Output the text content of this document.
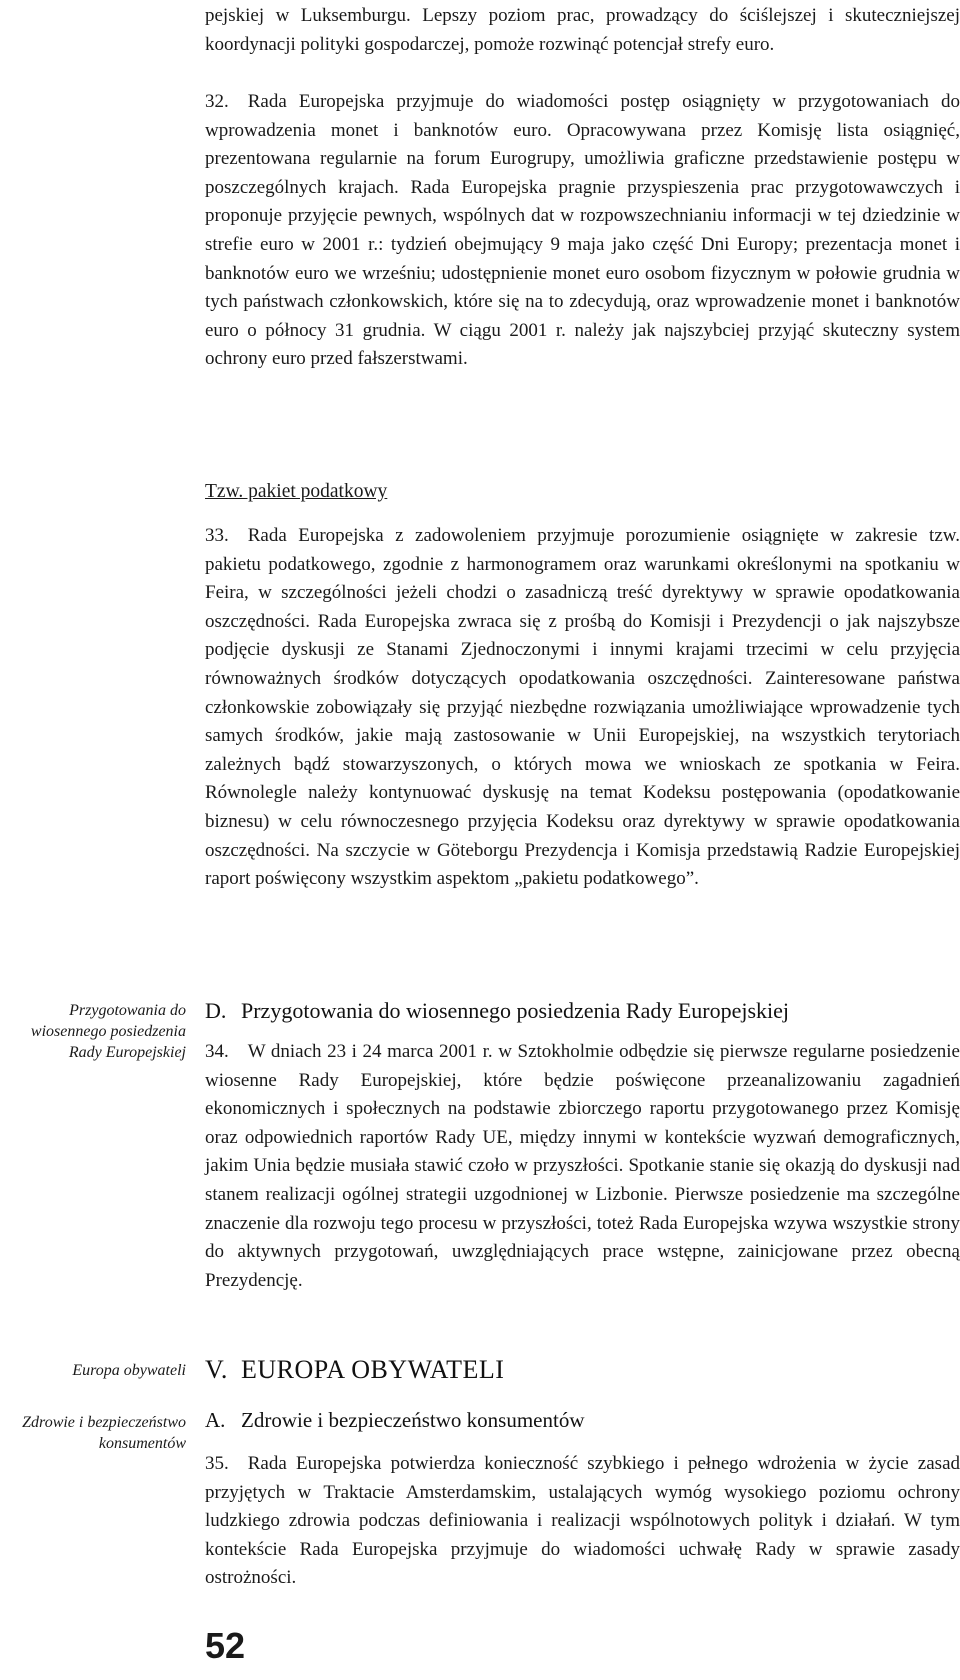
pejskiej w Luksemburgu. Lepszy poziom prac, prowadzący do ściślejszej i skuteczniejszej koordynacji polityki gospodarczej, pomoże rozwinąć potencjał strefy euro.

32. Rada Europejska przyjmuje do wiadomości postęp osiągnięty w przygotowaniach do wprowadzenia monet i banknotów euro. Opracowywana przez Komisję lista osiągnięć, prezentowana regularnie na forum Eurogrupy, umożliwia graficzne przedstawienie postępu w poszczególnych krajach. Rada Europejska pragnie przyspieszenia prac przygotowawczych i proponuje przyjęcie pewnych, wspólnych dat w rozpowszechnianiu informacji w tej dziedzinie w strefie euro w 2001 r.: tydzień obejmujący 9 maja jako część Dni Europy; prezentacja monet i banknotów euro we wrześniu; udostępnienie monet euro osobom fizycznym w połowie grudnia w tych państwach członkowskich, które się na to zdecydują, oraz wprowadzenie monet i banknotów euro o północy 31 grudnia. W ciągu 2001 r. należy jak najszybciej przyjąć skuteczny system ochrony euro przed fałszerstwami.

Tzw. pakiet podatkowy

33. Rada Europejska z zadowoleniem przyjmuje porozumienie osiągnięte w zakresie tzw. pakietu podatkowego, zgodnie z harmonogramem oraz warunkami określonymi na spotkaniu w Feira, w szczególności jeżeli chodzi o zasadniczą treść dyrektywy w sprawie opodatkowania oszczędności. Rada Europejska zwraca się z prośbą do Komisji i Prezydencji o jak najszybsze podjęcie dyskusji ze Stanami Zjednoczonymi i innymi krajami trzecimi w celu przyjęcia równoważnych środków dotyczących opodatkowania oszczędności. Zainteresowane państwa członkowskie zobowiązały się przyjąć niezbędne rozwiązania umożliwiające wprowadzenie tych samych środków, jakie mają zastosowanie w Unii Europejskiej, na wszystkich terytoriach zależnych bądź stowarzyszonych, o których mowa we wnioskach ze spotkania w Feira. Równolegle należy kontynuować dyskusję na temat Kodeksu postępowania (opodatkowanie biznesu) w celu równoczesnego przyjęcia Kodeksu oraz dyrektywy w sprawie opodatkowania oszczędności. Na szczycie w Göteborgu Prezydencja i Komisja przedstawią Radzie Europejskiej raport poświęcony wszystkim aspektom „pakietu podatkowego”.

Przygotowania do wiosennego posiedzenia Rady Europejskiej
D. Przygotowania do wiosennego posiedzenia Rady Europejskiej

34. W dniach 23 i 24 marca 2001 r. w Sztokholmie odbędzie się pierwsze regularne posiedzenie wiosenne Rady Europejskiej, które będzie poświęcone przeanalizowaniu zagadnień ekonomicznych i społecznych na podstawie zbiorczego raportu przygotowanego przez Komisję oraz odpowiednich raportów Rady UE, między innymi w kontekście wyzwań demograficznych, jakim Unia będzie musiała stawić czoło w przyszłości. Spotkanie stanie się okazją do dyskusji nad stanem realizacji ogólnej strategii uzgodnionej w Lizbonie. Pierwsze posiedzenie ma szczególne znaczenie dla rozwoju tego procesu w przyszłości, toteż Rada Europejska wzywa wszystkie strony do aktywnych przygotowań, uwzględniających prace wstępne, zainicjowane przez obecną Prezydencję.

Europa obywateli V. EUROPA OBYWATELI
Zdrowie i bezpieczeństwo konsumentów
A. Zdrowie i bezpieczeństwo konsumentów

35. Rada Europejska potwierdza konieczność szybkiego i pełnego wdrożenia w życie zasad przyjętych w Traktacie Amsterdamskim, ustalających wymóg wysokiego poziomu ochrony ludzkiego zdrowia podczas definiowania i realizacji wspólnotowych polityk i działań. W tym kontekście Rada Europejska przyjmuje do wiadomości uchwałę Rady w sprawie zasady ostrożności.

52
